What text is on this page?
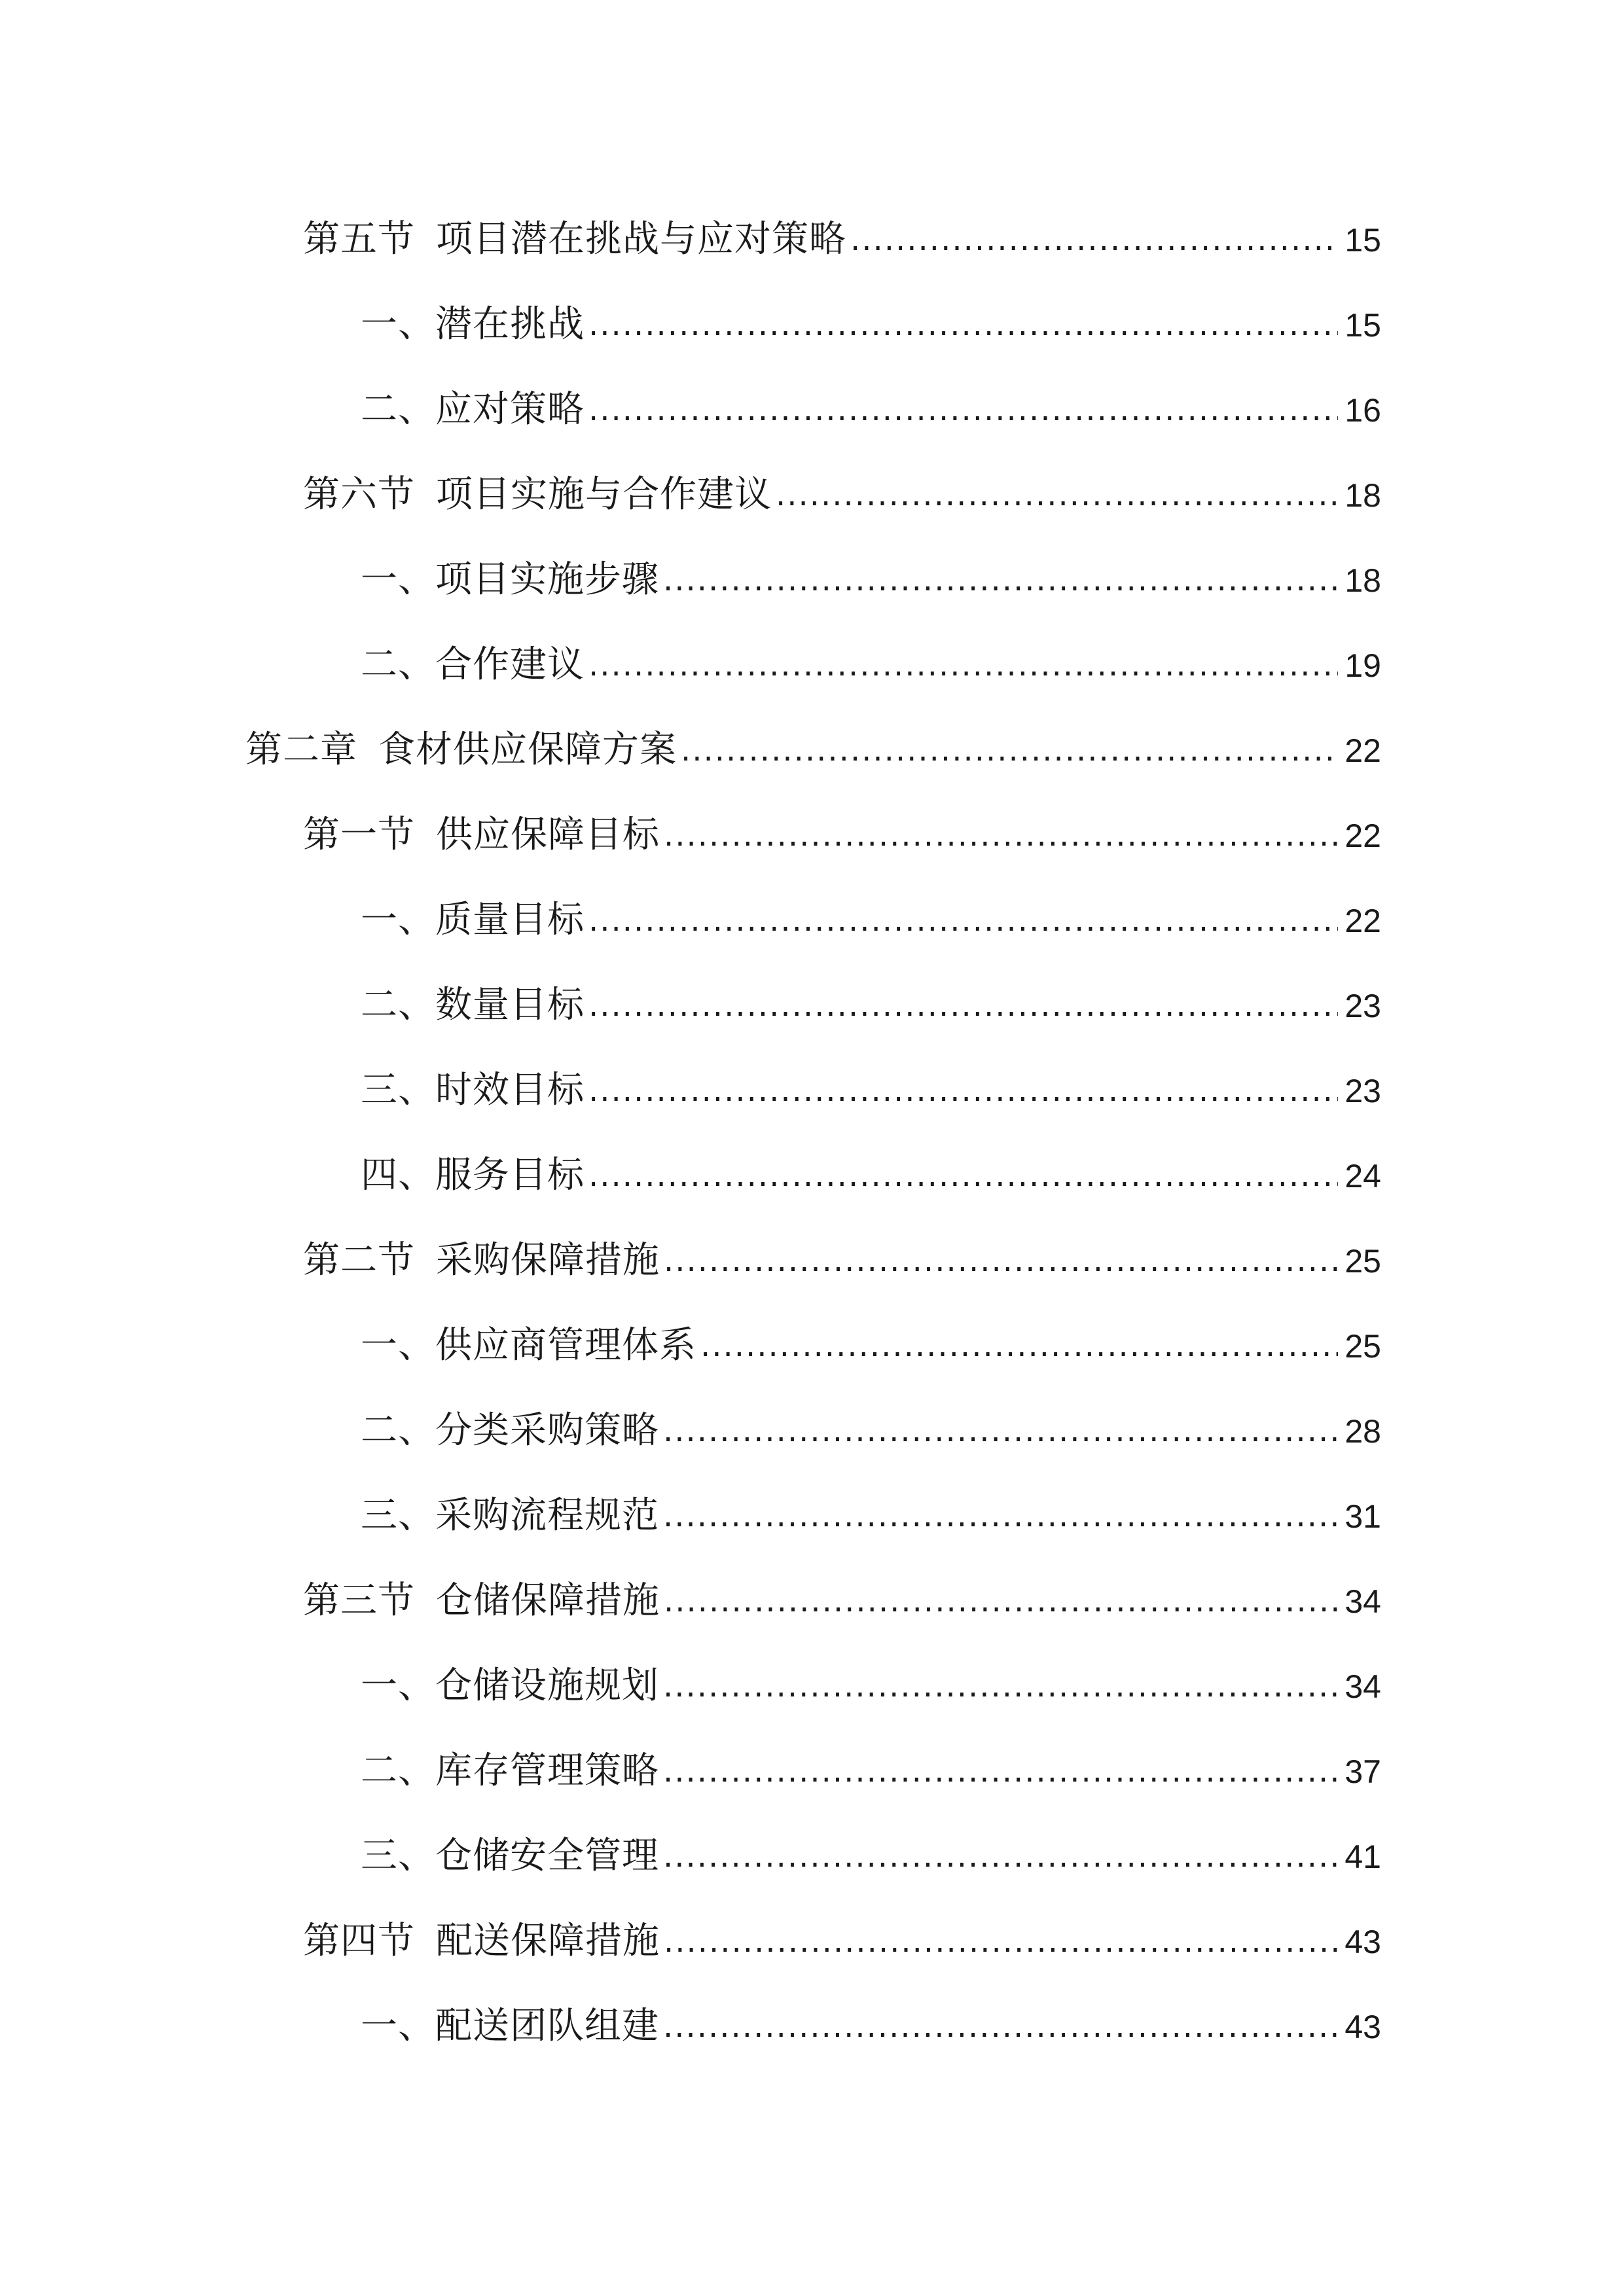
第五节 项目潜在挑战与应对策略 .....	15
一、潜在挑战 .....	15
二、应对策略 .....	16
第六节 项目实施与合作建议 .....	18
一、项目实施步骤 .....	18
二、合作建议 .....	19
第二章 食材供应保障方案 .....	22
第一节 供应保障目标 .....	22
一、质量目标 .....	22
二、数量目标 .....	23
三、时效目标 .....	23
四、服务目标 .....	24
第二节 采购保障措施 .....	25
一、供应商管理体系 .....	25
二、分类采购策略 .....	28
三、采购流程规范 .....	31
第三节 仓储保障措施 .....	34
一、仓储设施规划 .....	34
二、库存管理策略 .....	37
三、仓储安全管理 .....	41
第四节 配送保障措施 .....	43
一、配送团队组建 .....	43
